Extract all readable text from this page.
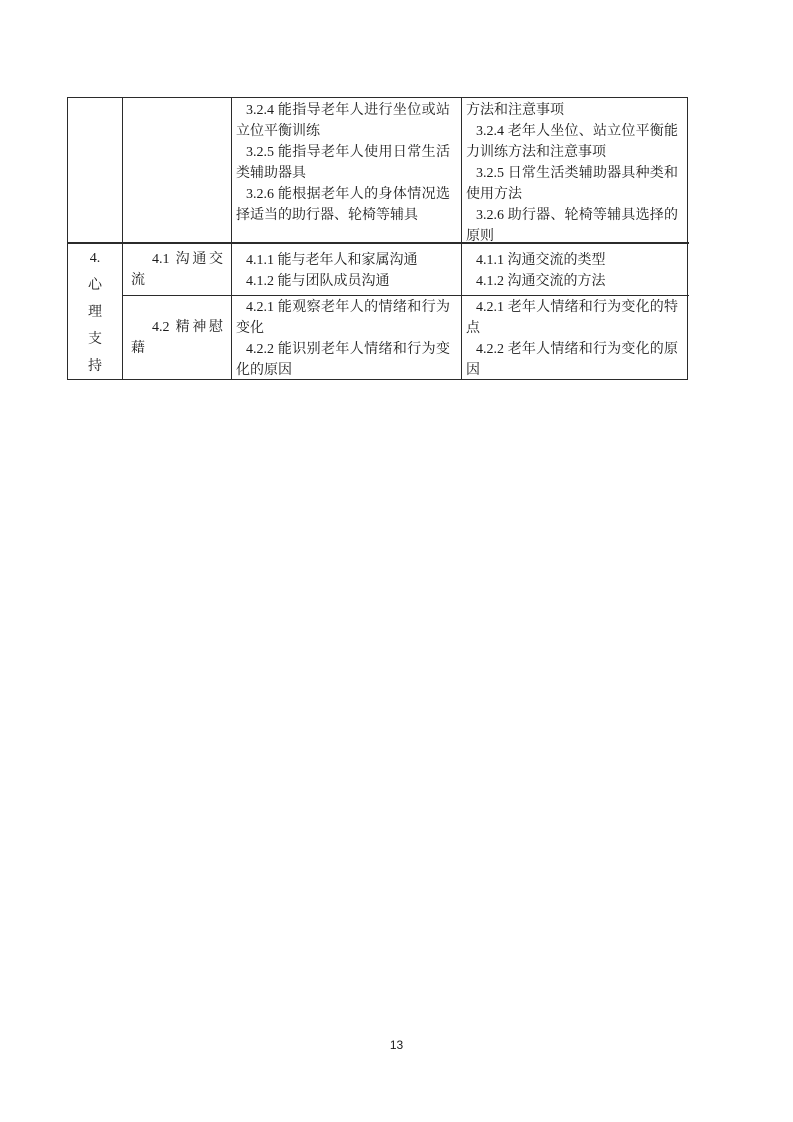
3.2.4 能指导老年人进行坐位或站立位平衡训练

3.2.5 能指导老年人使用日常生活类辅助器具

3.2.6 能根据老年人的身体情况选择适当的助行器、轮椅等辅具

方法和注意事项

3.2.4 老年人坐位、站立位平衡能力训练方法和注意事项

3.2.5 日常生活类辅助器具种类和使用方法

3.2.6 助行器、轮椅等辅具选择的原则

4.
心
理
支
持

4.1 沟通交流

4.1.1 能与老年人和家属沟通

4.1.2 能与团队成员沟通

4.1.1 沟通交流的类型

4.1.2 沟通交流的方法

4.2 精神慰藉

4.2.1 能观察老年人的情绪和行为变化

4.2.2 能识别老年人情绪和行为变化的原因

4.2.1 老年人情绪和行为变化的特点

4.2.2 老年人情绪和行为变化的原因

13
